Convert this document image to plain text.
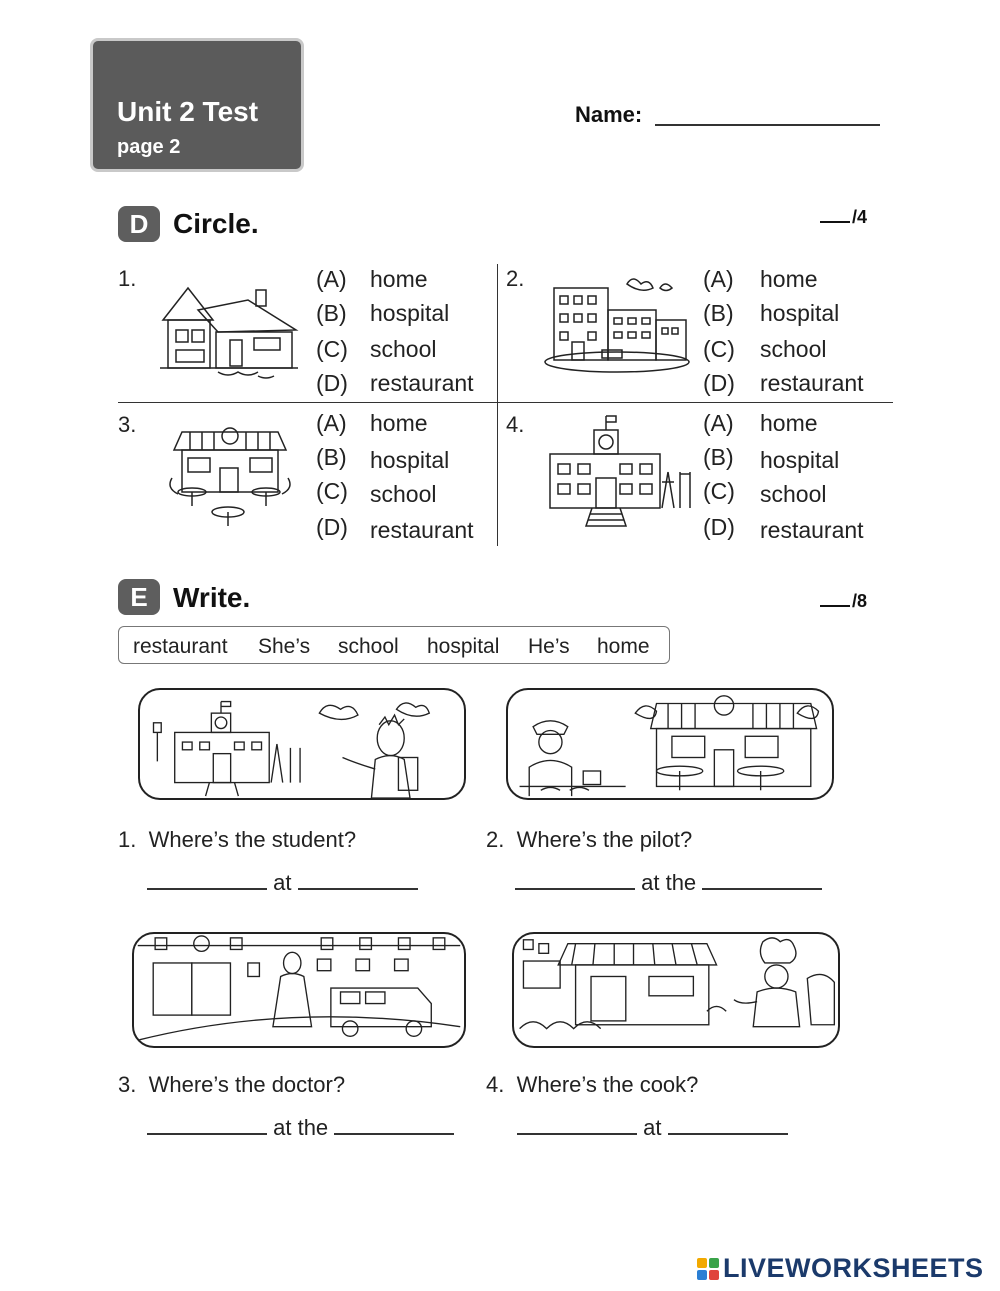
Unit 2 Test
page 2
Name:
D Circle.	/4
1.	(A) home
(B) hospital
(C) school
(D) restaurant
2.	(A) home
(B) hospital
(C) school
(D) restaurant
3.	(A) home
(B) hospital
(C) school
(D) restaurant
4.	(A) home
(B) hospital
(C) school
(D) restaurant
E Write.	/8
restaurant She’s school hospital He’s home
1. Where’s the student?	2. Where’s the pilot?
at	at the
3. Where’s the doctor?	4. Where’s the cook?
at the	at
LIVEWORKSHEETS
